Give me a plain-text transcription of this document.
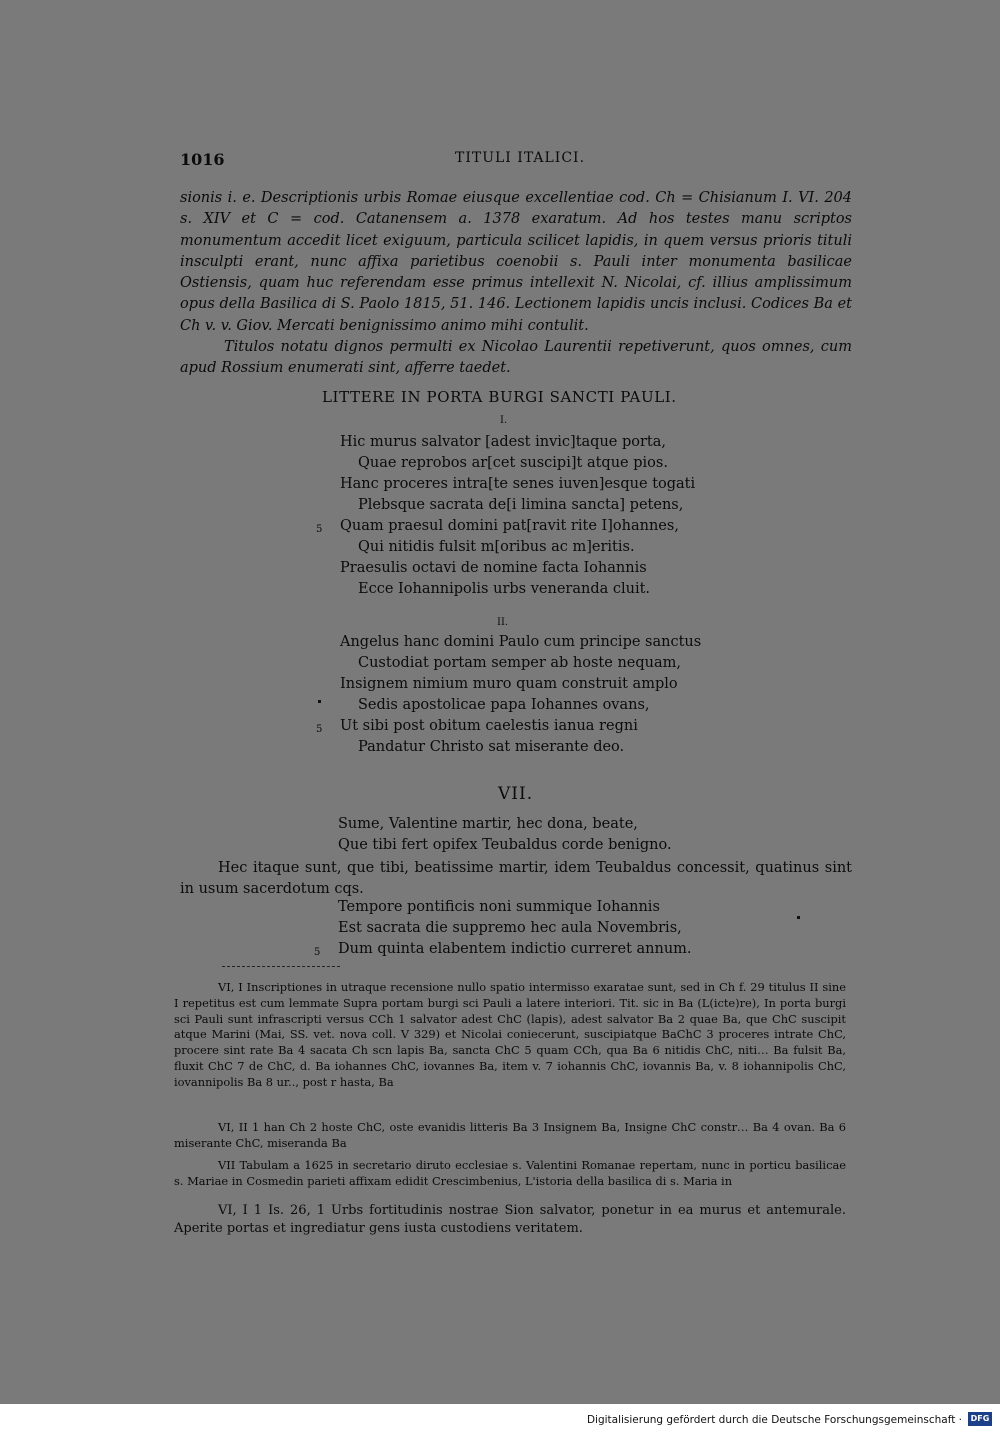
1016	TITULI ITALICI.

sionis i. e. Descriptionis urbis Romae eiusque excellentiae cod. Ch = Chisianum I. VI. 204 s. XIV et C = cod. Catanensem a. 1378 exaratum. Ad hos testes manu scriptos monumentum accedit licet exiguum, particula scilicet lapidis, in quem versus prioris tituli insculpti erant, nunc affixa parietibus coenobii s. Pauli inter monumenta basilicae Ostiensis, quam huc referendam esse primus intellexit N. Nicolai, cf. illius amplissimum opus della Basilica di S. Paolo 1815, 51. 146. Lectionem lapidis uncis inclusi. Codices Ba et Ch v. v. Giov. Mercati benignissimo animo mihi contulit.

Titulos notatu dignos permulti ex Nicolao Laurentii repetiverunt, quos omnes, cum apud Rossium enumerati sint, afferre taedet.

LITTERE IN PORTA BURGI SANCTI PAULI.
I.
Hic murus salvator [adest invic]taque porta,
Quae reprobos ar[cet suscipi]t atque pios.
Hanc proceres intra[te senes iuven]esque togati
Plebsque sacrata de[i limina sancta] petens,
5 Quam praesul domini pat[ravit rite I]ohannes,
Qui nitidis fulsit m[oribus ac m]eritis.
Praesulis octavi de nomine facta Iohannis
Ecce Iohannipolis urbs veneranda cluit.
II.
Angelus hanc domini Paulo cum principe sanctus
Custodiat portam semper ab hoste nequam,
Insignem nimium muro quam construit amplo
Sedis apostolicae papa Iohannes ovans,
5 Ut sibi post obitum caelestis ianua regni
Pandatur Christo sat miserante deo.
VII.
Sume, Valentine martir, hec dona, beate,
Que tibi fert opifex Teubaldus corde benigno.

Hec itaque sunt, que tibi, beatissime martir, idem Teubaldus concessit, quatinus sint in usum sacerdotum cqs.

Tempore pontificis noni summique Iohannis
Est sacrata die suppremo hec aula Novembris,
5 Dum quinta elabentem indictio curreret annum.

VI, I Inscriptiones in utraque recensione nullo spatio intermisso exaratae sunt, sed in Ch f. 29 titulus II sine I repetitus est cum lemmate Supra portam burgi sci Pauli a latere interiori. Tit. sic in Ba (L(icte)re), In porta burgi sci Pauli sunt infrascripti versus CCh 1 salvator adest ChC (lapis), adest salvator Ba 2 quae Ba, que ChC suscipit atque Marini (Mai, SS. vet. nova coll. V 329) et Nicolai coniecerunt, suscipiatque BaChC 3 proceres intrate ChC, procere sint rate Ba 4 sacata Ch scn lapis Ba, sancta ChC 5 quam CCh, qua Ba 6 nitidis ChC, niti… Ba fulsit Ba, fluxit ChC 7 de ChC, d. Ba iohannes ChC, iovannes Ba, item v. 7 iohannis ChC, iovannis Ba, v. 8 iohannipolis ChC, iovannipolis Ba 8 ur.., post r hasta, Ba

VI, II 1 han Ch 2 hoste ChC, oste evanidis litteris Ba 3 Insignem Ba, Insigne ChC constr… Ba 4 ovan. Ba 6 miserante ChC, miseranda Ba

VII Tabulam a 1625 in secretario diruto ecclesiae s. Valentini Romanae repertam, nunc in porticu basilicae s. Mariae in Cosmedin parieti affixam edidit Crescimbenius, L'istoria della basilica di s. Maria in

VI, I 1 Is. 26, 1 Urbs fortitudinis nostrae Sion salvator, ponetur in ea murus et antemurale. Aperite portas et ingrediatur gens iusta custodiens veritatem.

Digitalisierung gefördert durch die Deutsche Forschungsgemeinschaft ·	DFG
